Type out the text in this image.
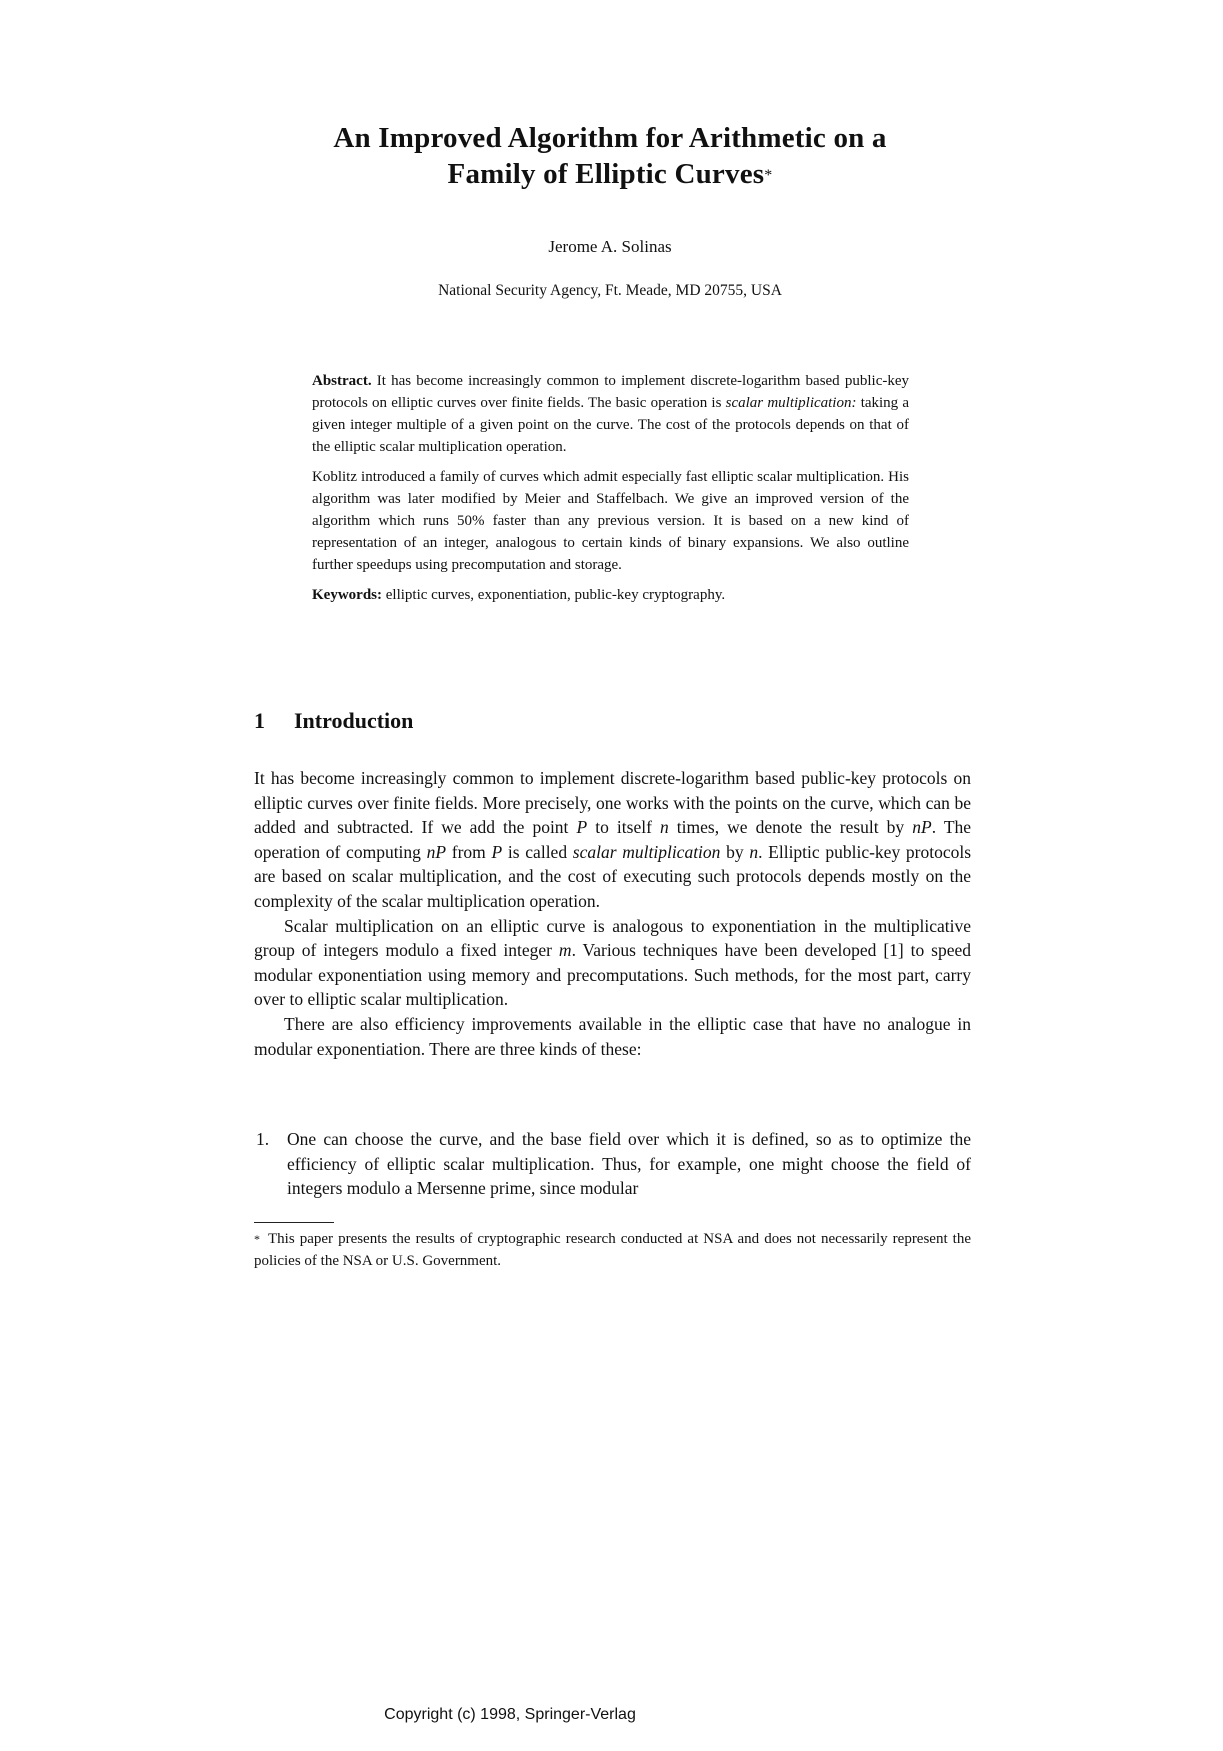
An Improved Algorithm for Arithmetic on a
Family of Elliptic Curves*
Jerome A. Solinas
National Security Agency, Ft. Meade, MD 20755, USA

Abstract. It has become increasingly common to implement discrete-logarithm based public-key protocols on elliptic curves over finite fields. The basic operation is scalar multiplication: taking a given integer multiple of a given point on the curve. The cost of the protocols depends on that of the elliptic scalar multiplication operation.

Koblitz introduced a family of curves which admit especially fast elliptic scalar multiplication. His algorithm was later modified by Meier and Staffelbach. We give an improved version of the algorithm which runs 50% faster than any previous version. It is based on a new kind of representation of an integer, analogous to certain kinds of binary expansions. We also outline further speedups using precomputation and storage.

Keywords: elliptic curves, exponentiation, public-key cryptography.

1 Introduction

It has become increasingly common to implement discrete-logarithm based public-key protocols on elliptic curves over finite fields. More precisely, one works with the points on the curve, which can be added and subtracted. If we add the point P to itself n times, we denote the result by nP. The operation of computing nP from P is called scalar multiplication by n. Elliptic public-key protocols are based on scalar multiplication, and the cost of executing such protocols depends mostly on the complexity of the scalar multiplication operation.

Scalar multiplication on an elliptic curve is analogous to exponentiation in the multiplicative group of integers modulo a fixed integer m. Various techniques have been developed [1] to speed modular exponentiation using memory and precomputations. Such methods, for the most part, carry over to elliptic scalar multiplication.

There are also efficiency improvements available in the elliptic case that have no analogue in modular exponentiation. There are three kinds of these:

1.	One can choose the curve, and the base field over which it is defined, so as to optimize the efficiency of elliptic scalar multiplication. Thus, for example, one might choose the field of integers modulo a Mersenne prime, since modular
* This paper presents the results of cryptographic research conducted at NSA and does not necessarily represent the policies of the NSA or U.S. Government.
Copyright (c) 1998, Springer-Verlag
